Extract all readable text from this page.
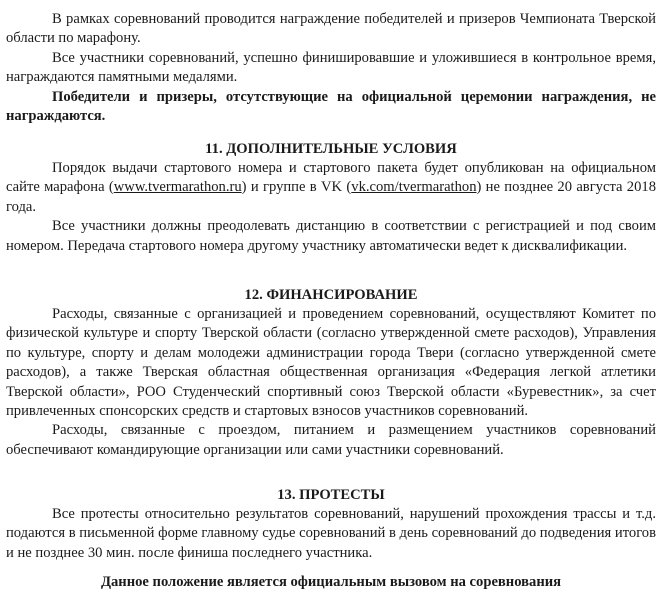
В рамках соревнований проводится награждение победителей и призеров Чемпионата Тверской области по марафону.

Все участники соревнований, успешно финишировавшие и уложившиеся в контрольное время, награждаются памятными медалями.

Победители и призеры, отсутствующие на официальной церемонии награждения, не награждаются.

11. ДОПОЛНИТЕЛЬНЫЕ УСЛОВИЯ

Порядок выдачи стартового номера и стартового пакета будет опубликован на официальном сайте марафона (www.tvermarathon.ru) и группе в VK (vk.com/tvermarathon) не позднее 20 августа 2018 года.

Все участники должны преодолевать дистанцию в соответствии с регистрацией и под своим номером. Передача стартового номера другому участнику автоматически ведет к дисквалификации.

12. ФИНАНСИРОВАНИЕ

Расходы, связанные с организацией и проведением соревнований, осуществляют Комитет по физической культуре и спорту Тверской области (согласно утвержденной смете расходов), Управления по культуре, спорту и делам молодежи администрации города Твери (согласно утвержденной смете расходов), а также Тверская областная общественная организация «Федерация легкой атлетики Тверской области», РОО Студенческий спортивный союз Тверской области «Буревестник», за счет привлеченных спонсорских средств и стартовых взносов участников соревнований.

Расходы, связанные с проездом, питанием и размещением участников соревнований обеспечивают командирующие организации или сами участники соревнований.

13. ПРОТЕСТЫ

Все протесты относительно результатов соревнований, нарушений прохождения трассы и т.д. подаются в письменной форме главному судье соревнований в день соревнований до подведения итогов и не позднее 30 мин. после финиша последнего участника.

Данное положение является официальным вызовом на соревнования
